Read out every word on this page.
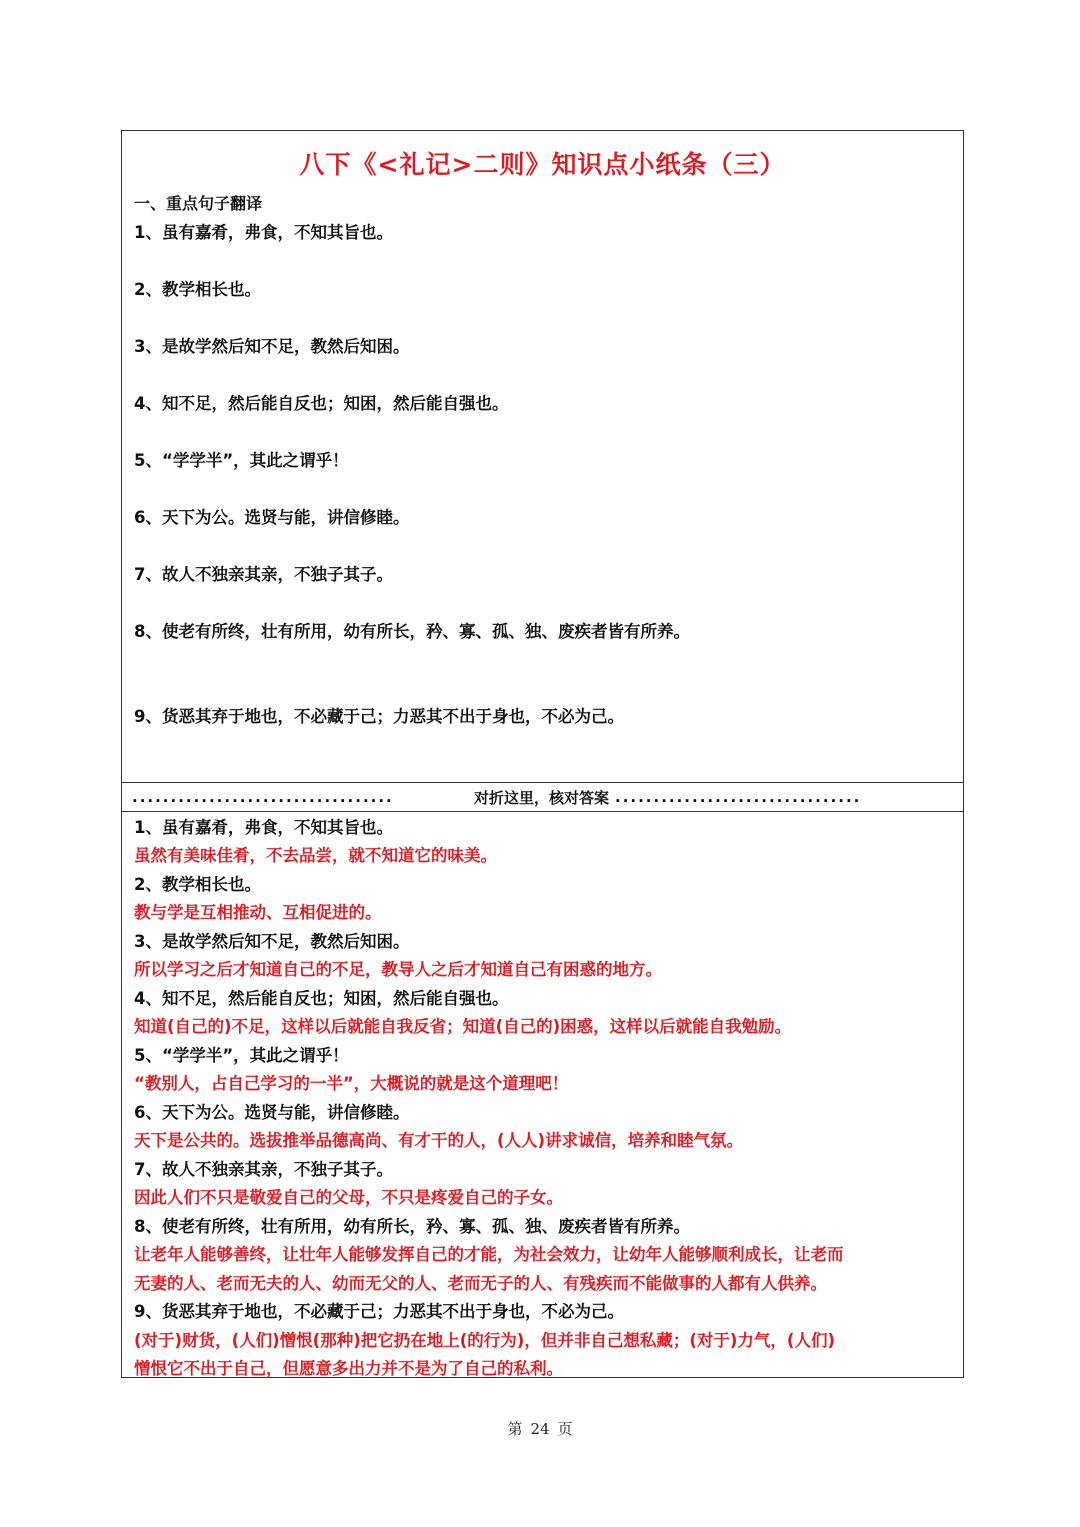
八下《<礼记>二则》知识点小纸条（三）
一、重点句子翻译
1、虽有嘉肴，弗食，不知其旨也。
2、教学相长也。
3、是故学然后知不足，教然后知困。
4、知不足，然后能自反也；知困，然后能自强也。
5、“学学半”，其此之谓乎！
6、天下为公。选贤与能，讲信修睦。
7、故人不独亲其亲，不独子其子。
8、使老有所终，壮有所用，幼有所长，矜、寡、孤、独、废疾者皆有所养。
9、货恶其弃于地也，不必藏于己；力恶其不出于身也，不必为己。
..................................	对折这里，核对答案 ................................
1、虽有嘉肴，弗食，不知其旨也。
虽然有美味佳肴，不去品尝，就不知道它的味美。
2、教学相长也。
教与学是互相推动、互相促进的。
3、是故学然后知不足，教然后知困。
所以学习之后才知道自己的不足，教导人之后才知道自己有困惑的地方。
4、知不足，然后能自反也；知困，然后能自强也。
知道(自己的)不足，这样以后就能自我反省；知道(自己的)困惑，这样以后就能自我勉励。
5、“学学半”，其此之谓乎！
“教别人，占自己学习的一半”，大概说的就是这个道理吧！
6、天下为公。选贤与能，讲信修睦。
天下是公共的。选拔推举品德高尚、有才干的人，(人人)讲求诚信，培养和睦气氛。
7、故人不独亲其亲，不独子其子。
因此人们不只是敬爱自己的父母，不只是疼爱自己的子女。
8、使老有所终，壮有所用，幼有所长，矜、寡、孤、独、废疾者皆有所养。
让老年人能够善终，让壮年人能够发挥自己的才能，为社会效力，让幼年人能够顺利成长，让老而
无妻的人、老而无夫的人、幼而无父的人、老而无子的人、有残疾而不能做事的人都有人供养。
9、货恶其弃于地也，不必藏于己；力恶其不出于身也，不必为己。
(对于)财货，(人们)憎恨(那种)把它扔在地上(的行为)，但并非自己想私藏；(对于)力气，(人们)
憎恨它不出于自己，但愿意多出力并不是为了自己的私利。
第 24 页
